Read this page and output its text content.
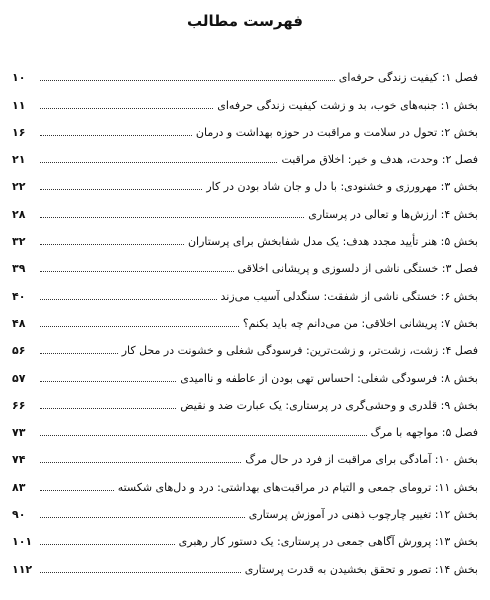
فهرست مطالب
فصل ۱: کیفیت زندگی حرفه‌ای
۱۰
بخش ۱: جنبه‌های خوب، بد و زشت کیفیت زندگی حرفه‌ای
۱۱
بخش ۲: تحول در سلامت و مراقبت در حوزه بهداشت و درمان
۱۶
فصل ۲: وحدت، هدف و خیر: اخلاق مراقبت
۲۱
بخش ۳: مهرورزی و خشنودی: با دل و جان شاد بودن در کار
۲۲
بخش ۴: ارزش‌ها و تعالی در پرستاری
۲۸
بخش ۵: هنر تأیید مجدد هدف: یک مدل شفابخش برای پرستاران
۳۲
فصل ۳: خستگی ناشی از دلسوزی و پریشانی اخلاقی
۳۹
بخش ۶: خستگی ناشی از شفقت: سنگدلی آسیب می‌زند
۴۰
بخش ۷: پریشانی اخلاقی: من می‌دانم چه باید بکنم؟
۴۸
فصل ۴: زشت، زشت‌تر، و زشت‌ترین: فرسودگی شغلی و خشونت در محل کار
۵۶
بخش ۸: فرسودگی شغلی: احساس تهی بودن از عاطفه و ناامیدی
۵۷
بخش ۹: قلدری و وحشی‌گری در پرستاری: یک عبارت ضد و نقیض
۶۶
فصل ۵: مواجهه با مرگ
۷۳
بخش ۱۰: آمادگی برای مراقبت از فرد در حال مرگ
۷۴
بخش ۱۱: ترومای جمعی و التیام در مراقبت‌های بهداشتی: درد و دل‌های شکسته
۸۳
بخش ۱۲: تغییر چارچوب ذهنی در آموزش پرستاری
۹۰
بخش ۱۳: پرورش آگاهی جمعی در پرستاری: یک دستور کار رهبری
۱۰۱
بخش ۱۴: تصور و تحقق بخشیدن به قدرت پرستاری
۱۱۲
